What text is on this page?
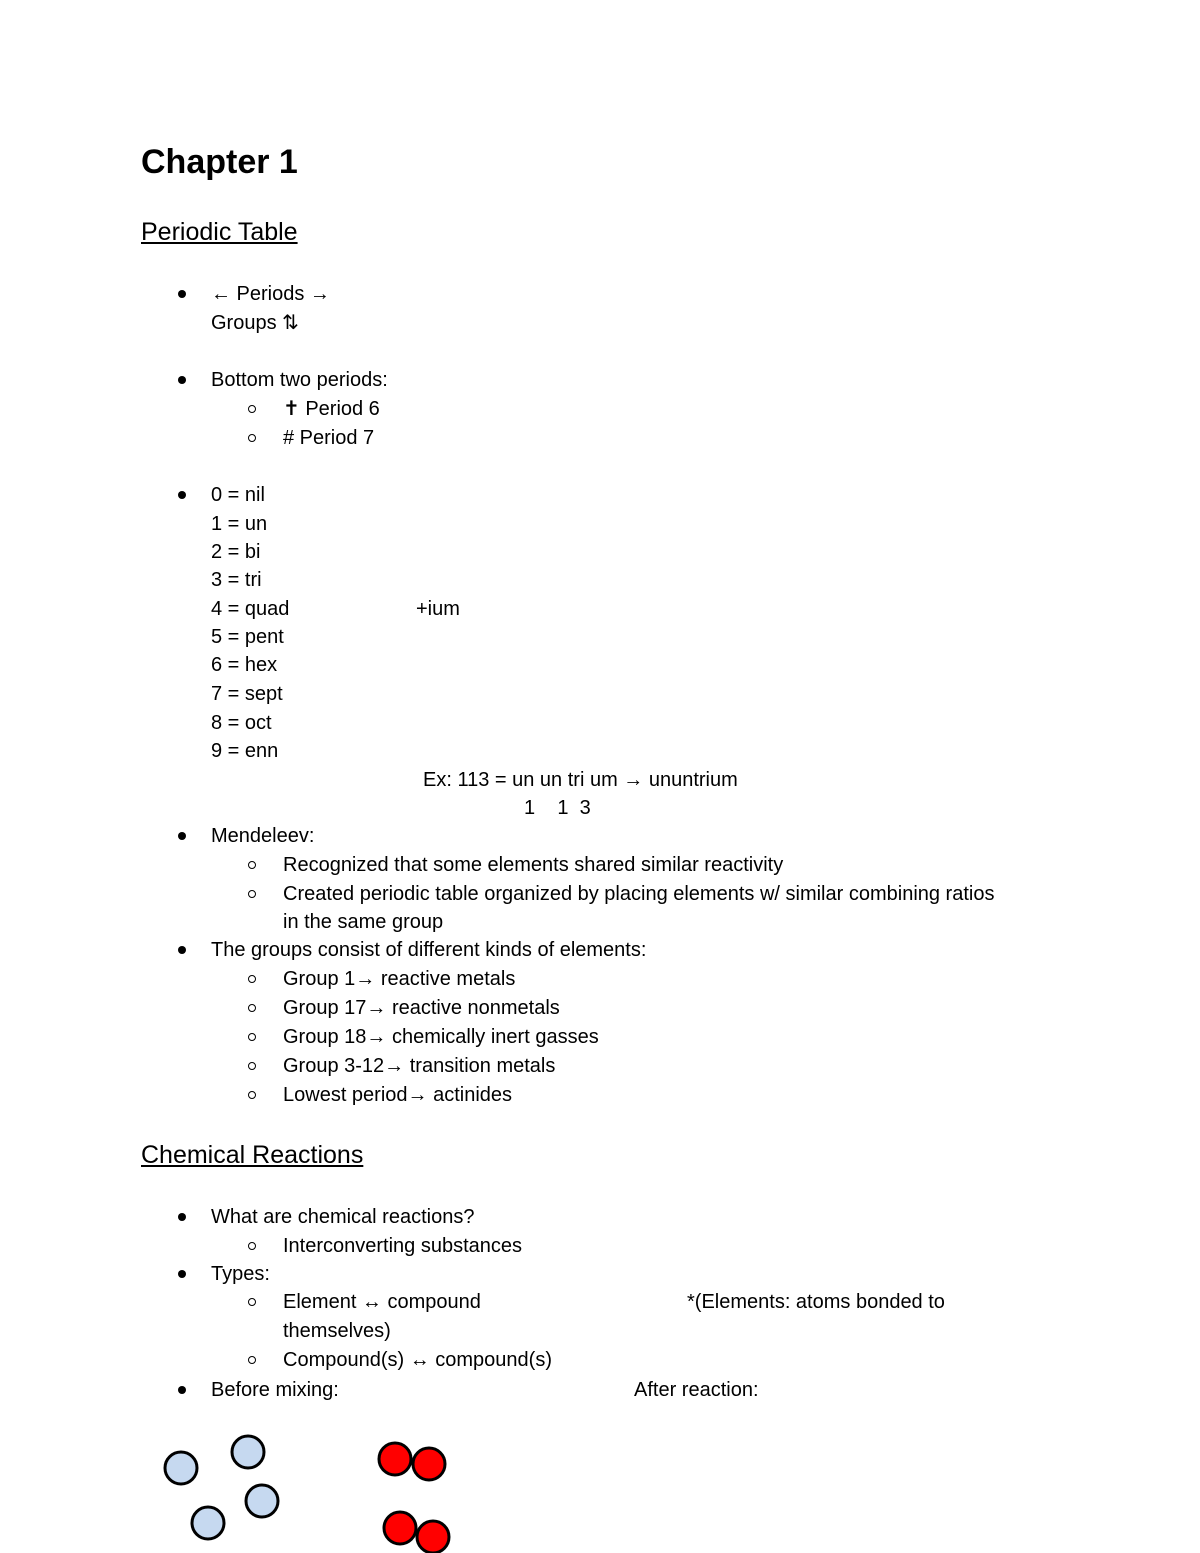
Chapter 1
Periodic Table
← Periods →
Groups ⇅
Bottom two periods:
✝ Period 6
# Period 7
0 = nil
1 = un
2 = bi
3 = tri
4 = quad	+ium
5 = pent
6 = hex
7 = sept
8 = oct
9 = enn
Ex: 113 = un un tri um → ununtrium
1    1  3
Mendeleev:
Recognized that some elements shared similar reactivity
Created periodic table organized by placing elements w/ similar combining ratios
in the same group
The groups consist of different kinds of elements:
Group 1→ reactive metals
Group 17→ reactive nonmetals
Group 18→ chemically inert gasses
Group 3-12→ transition metals
Lowest period→ actinides
Chemical Reactions
What are chemical reactions?
Interconverting substances
Types:
Element ↔ compound	*(Elements: atoms bonded to
themselves)
Compound(s) ↔ compound(s)
Before mixing:	After reaction:
